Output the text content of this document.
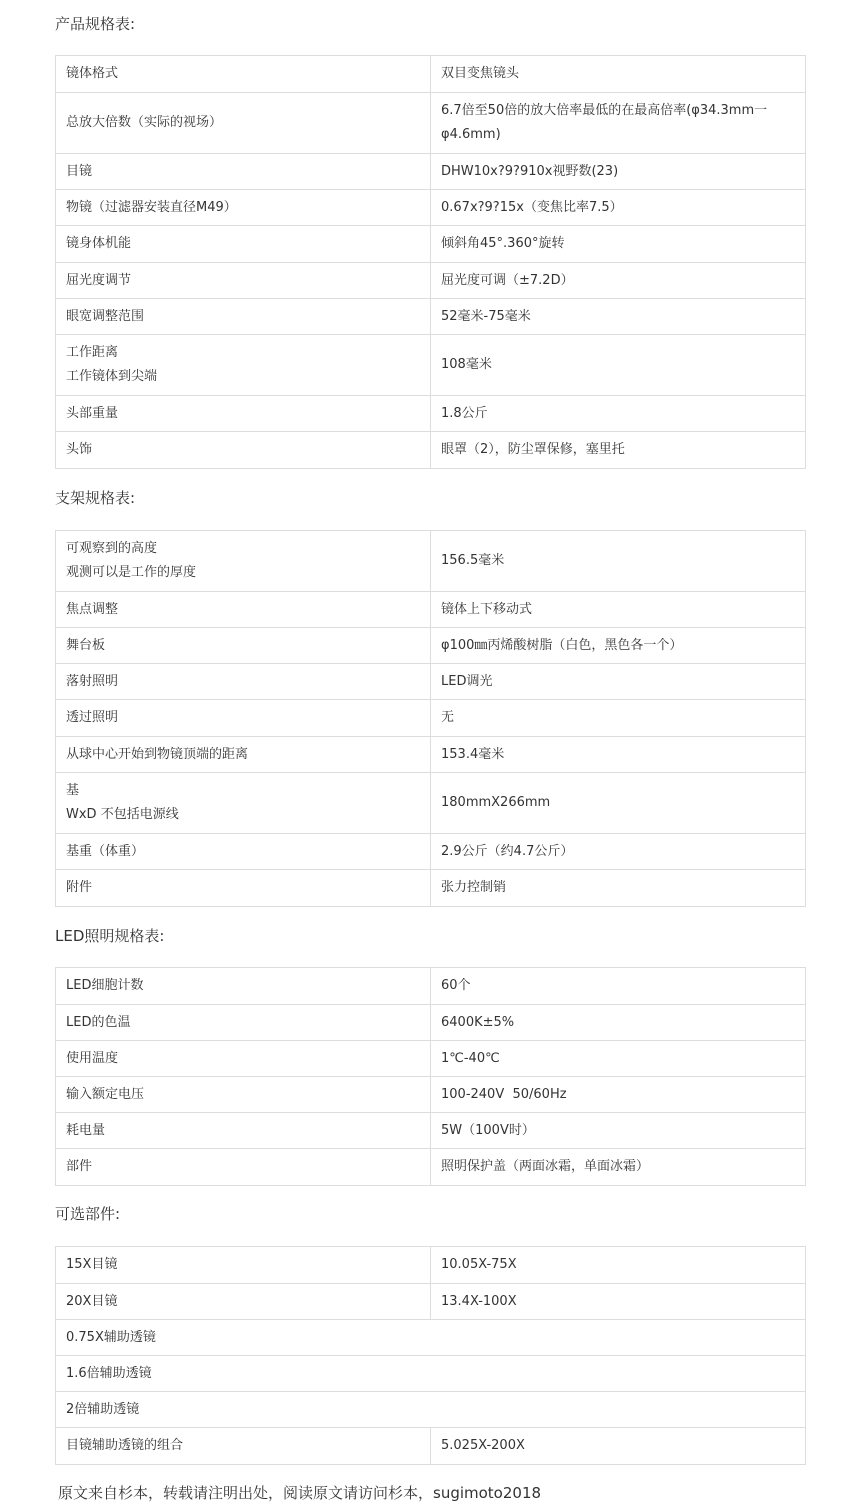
产品规格表:
镜体格式	双目变焦镜头
总放大倍数（实际的视场）	6.7倍至50倍的放大倍率最低的在最高倍率(φ34.3mm一φ4.6mm)
目镜	DHW10x?9?910x视野数(23)
物镜（过滤器安装直径M49）	0.67x?9?15x（变焦比率7.5）
镜身体机能	倾斜角45°.360°旋转
屈光度调节	屈光度可调（±7.2D）
眼宽调整范围	52毫米-75毫米

工作距离
工作镜体到尖端	108毫米
头部重量	1.8公斤
头饰	眼罩（2），防尘罩保修，塞里托
支架规格表:
可观察到的高度
观测可以是工作的厚度	156.5毫米
焦点调整	镜体上下移动式
舞台板	φ100㎜丙烯酸树脂（白色，黑色各一个）
落射照明	LED调光
透过照明	无
从球中心开始到物镜顶端的距离	153.4毫米

基
WxD 不包括电源线	180mmX266mm
基重（体重）	2.9公斤（约4.7公斤）
附件	张力控制销
LED照明规格表:
LED细胞计数	60个
LED的色温	6400K±5%
使用温度	1℃-40℃
输入额定电压	100-240V  50/60Hz
耗电量	5W（100V时）
部件	照明保护盖（两面冰霜，单面冰霜）
可选部件:
15X目镜	10.05X-75X
20X目镜	13.4X-100X
0.75X辅助透镜	
1.6倍辅助透镜	
2倍辅助透镜	
目镜辅助透镜的组合	5.025X-200X
原文来自杉本，转载请注明出处，阅读原文请访问杉本，sugimoto2018
